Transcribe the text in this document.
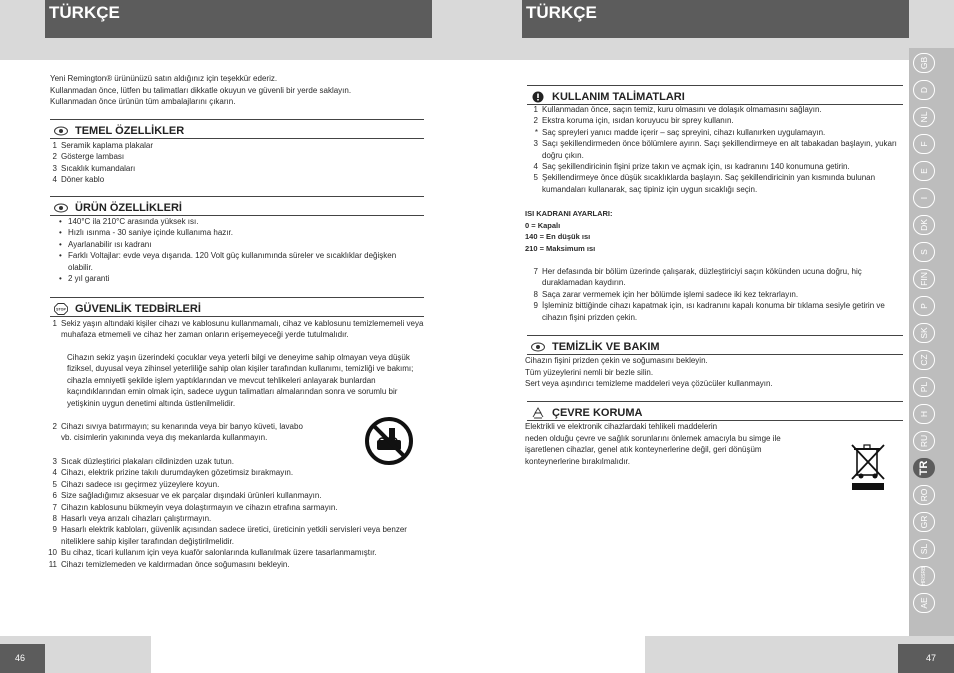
TÜRKÇE
Yeni Remington® ürününüzü satın aldığınız için teşekkür ederiz.
Kullanmadan önce, lütfen bu talimatları dikkatle okuyun ve güvenli bir yerde saklayın.
Kullanmadan önce ürünün tüm ambalajlarını çıkarın.
TEMEL ÖZELLİKLER
1 Seramik kaplama plakalar
2 Gösterge lambası
3 Sıcaklık kumandaları
4 Döner kablo
ÜRÜN ÖZELLİKLERİ
• 140°C ila 210°C arasında yüksek ısı.
• Hızlı ısınma - 30 saniye içinde kullanıma hazır.
• Ayarlanabilir ısı kadranı
• Farklı Voltajlar: evde veya dışarıda. 120 Volt güç kullanımında süreler ve sıcaklıklar değişken olabilir.
• 2 yıl garanti
STOP GÜVENLİK TEDBİRLERİ
1 Sekiz yaşın altındaki kişiler cihazı ve kablosunu kullanmamalı, cihaz ve kablosunu temizlememeli veya muhafaza etmemeli ve cihaz her zaman onların erişemeyeceği yerde tutulmalıdır.
Cihazın sekiz yaşın üzerindeki çocuklar veya yeterli bilgi ve deneyime sahip olmayan veya düşük fiziksel, duyusal veya zihinsel yeterliliğe sahip olan kişiler tarafından kullanımı, temizliği ve bakımı; cihazla emniyetli şekilde işlem yaptıklarından ve mevcut tehlikeleri anlayarak bunlardan kaçındıklarından emin olmak için, sadece uygun talimatları almalarından sonra ve sorumlu bir yetişkinin uygun denetimi altında üstlenilmelidir.
2 Cihazı sıvıya batırmayın; su kenarında veya bir banyo küveti, lavabo vb. cisimlerin yakınında veya dış mekanlarda kullanmayın.
3 Sıcak düzleştirici plakaları cildinizden uzak tutun.
4 Cihazı, elektrik prizine takılı durumdayken gözetimsiz bırakmayın.
5 Cihazı sadece ısı geçirmez yüzeylere koyun.
6 Size sağladığımız aksesuar ve ek parçalar dışındaki ürünleri kullanmayın.
7 Cihazın kablosunu bükmeyin veya dolaştırmayın ve cihazın etrafına sarmayın.
8 Hasarlı veya arızalı cihazları çalıştırmayın.
9 Hasarlı elektrik kabloları, güvenlik açısından sadece üretici, üreticinin yetkili servisleri veya benzer niteliklere sahip kişiler tarafından değiştirilmelidir.
10 Bu cihaz, ticari kullanım için veya kuaför salonlarında kullanılmak üzere tasarlanmamıştır.
11 Cihazı temizlemeden ve kaldırmadan önce soğumasını bekleyin.
46
TÜRKÇE
KULLANIM TALİMATLARI
1 Kullanmadan önce, saçın temiz, kuru olmasını ve dolaşık olmamasını sağlayın.
2 Ekstra koruma için, ısıdan koruyucu bir sprey kullanın.
* Saç spreyleri yanıcı madde içerir – saç spreyini, cihazı kullanırken uygulamayın.
3 Saçı şekillendirmeden önce bölümlere ayırın. Saçı şekillendirmeye en alt tabakadan başlayın, yukarı doğru çıkın.
4 Saç şekillendiricinin fişini prize takın ve açmak için, ısı kadranını 140 konumuna getirin.
5 Şekillendirmeye önce düşük sıcaklıklarda başlayın. Saç şekillendiricinin yan kısmında bulunan kumandaları kullanarak, saç tipiniz için uygun sıcaklığı seçin.
ISI KADRANI AYARLARI:
0 = Kapalı
140 = En düşük ısı
210 = Maksimum ısı
7 Her defasında bir bölüm üzerinde çalışarak, düzleştiriciyi saçın kökünden ucuna doğru, hiç duraklamadan kaydırın.
8 Saça zarar vermemek için her bölümde işlemi sadece iki kez tekrarlayın.
9 İşleminiz bittiğinde cihazı kapatmak için, ısı kadranını kapalı konuma bir tıklama sesiyle getirin ve cihazın fişini prizden çekin.
TEMİZLİK VE BAKIM
Cihazın fişini prizden çekin ve soğumasını bekleyin.
Tüm yüzeylerini nemli bir bezle silin.
Sert veya aşındırıcı temizleme maddeleri veya çözücüler kullanmayın.
ÇEVRE KORUMA
Elektrikli ve elektronik cihazlardaki tehlikeli maddelerin
neden olduğu çevre ve sağlık sorunlarını önlemek amacıyla bu simge ile
işaretlenen cihazlar, genel atık konteynerlerine değil, geri dönüşüm
konteynerlerine bırakılmalıdır.
47
GB
D
NL
F
E
I
DK
S
FIN
P
SK
CZ
PL
H
RU
TR
RO
GR
SL
HR/SRB
AE
